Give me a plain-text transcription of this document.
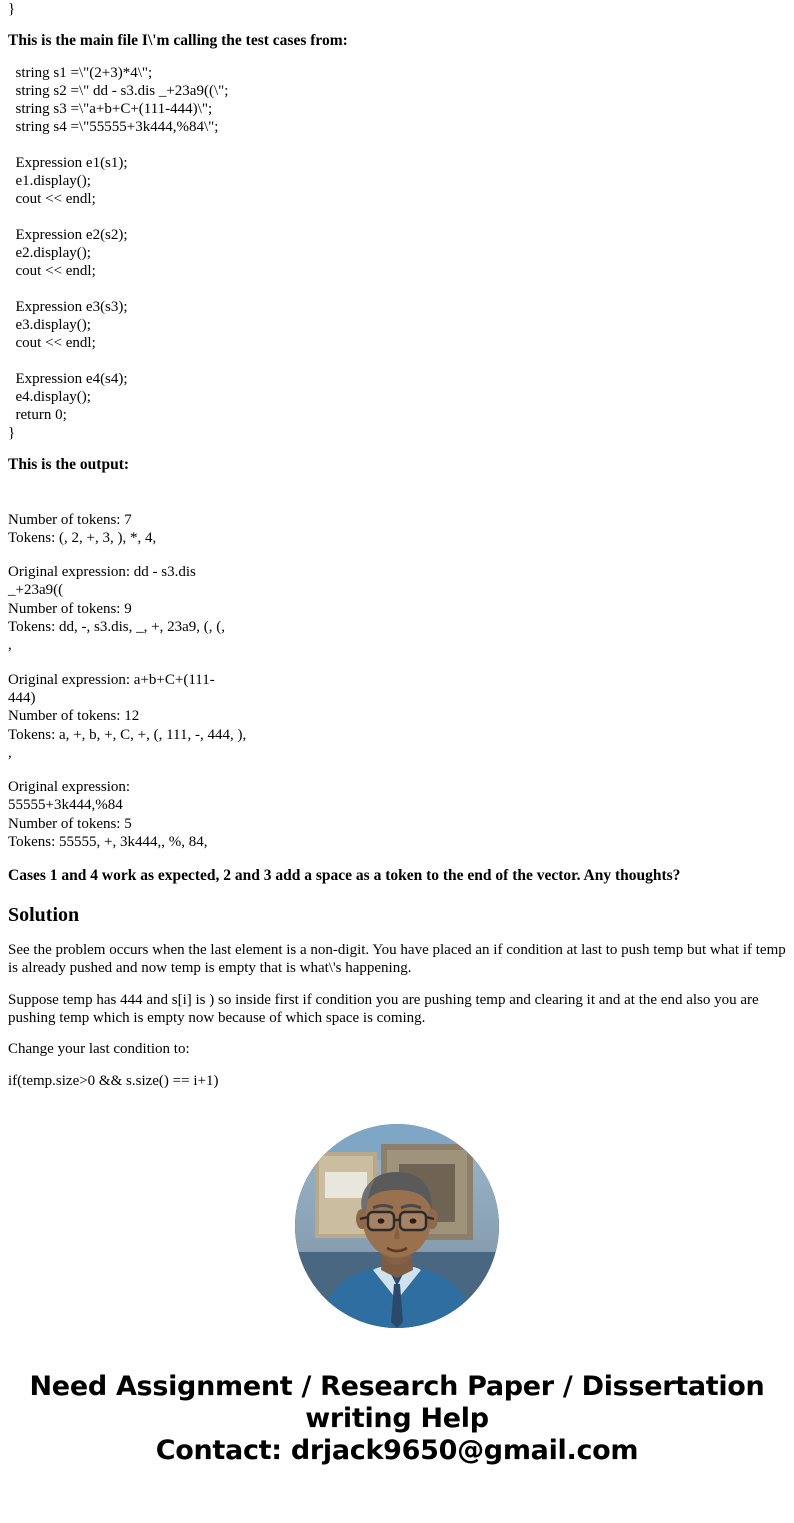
}
This is the main file I\'m calling the test cases from:
string s1 =\"(2+3)*4\";
string s2 =\" dd - s3.dis _+23a9((\";
string s3 =\"a+b+C+(111-444)\";
string s4 =\"55555+3k444,%84\";

Expression e1(s1);
e1.display();
cout << endl;

Expression e2(s2);
e2.display();
cout << endl;

Expression e3(s3);
e3.display();
cout << endl;

Expression e4(s4);
e4.display();
return 0;
}
This is the output:
Number of tokens: 7
Tokens: (, 2, +, 3, ), *, 4,
Original expression: dd - s3.dis
_+23a9((
Number of tokens: 9
Tokens: dd, -, s3.dis, _, +, 23a9, (, (,
,
Original expression: a+b+C+(111-
444)
Number of tokens: 12
Tokens: a, +, b, +, C, +, (, 111, -, 444, ),
,
Original expression:
55555+3k444,%84
Number of tokens: 5
Tokens: 55555, +, 3k444,, %, 84,
Cases 1 and 4 work as expected, 2 and 3 add a space as a token to the end of the vector. Any thoughts?
Solution
See the problem occurs when the last element is a non-digit. You have placed an if condition at last to push temp but what if temp is already pushed and now temp is empty that is what\'s happening.
Suppose temp has 444 and s[i] is ) so inside first if condition you are pushing temp and clearing it and at the end also you are pushing temp which is empty now because of which space is coming.
Change your last condition to:
if(temp.size>0 && s.size() == i+1)
Need Assignment / Research Paper / Dissertation
writing Help
Contact: drjack9650@gmail.com
